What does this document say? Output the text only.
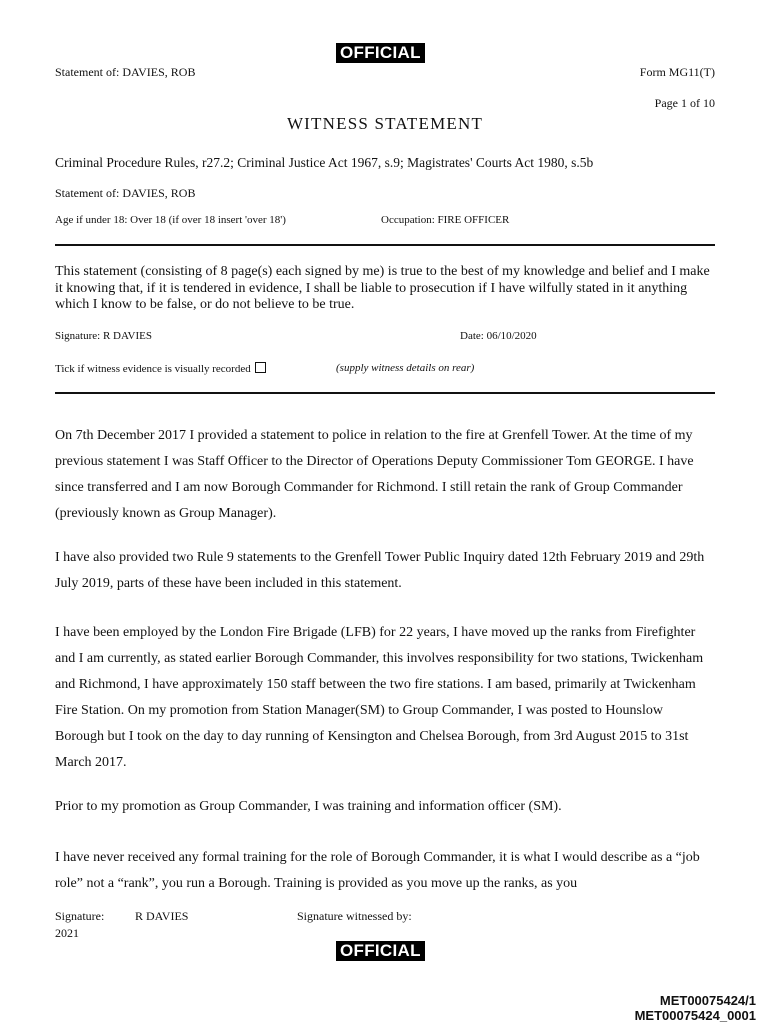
OFFICIAL
Statement of: DAVIES, ROB	Form MG11(T)
Page 1 of 10
WITNESS STATEMENT
Criminal Procedure Rules, r27.2; Criminal Justice Act 1967, s.9; Magistrates' Courts Act 1980, s.5b
Statement of: DAVIES, ROB
Age if under 18: Over 18 (if over 18 insert 'over 18')	Occupation: FIRE OFFICER
This statement (consisting of 8 page(s) each signed by me) is true to the best of my knowledge and belief and I make it knowing that, if it is tendered in evidence, I shall be liable to prosecution if I have wilfully stated in it anything which I know to be false, or do not believe to be true.
Signature: R DAVIES	Date: 06/10/2020
Tick if witness evidence is visually recorded	(supply witness details on rear)
On 7th December 2017 I provided a statement to police in relation to the fire at Grenfell Tower. At the time of my previous statement I was Staff Officer to the Director of Operations Deputy Commissioner Tom GEORGE. I have since transferred and I am now Borough Commander for Richmond. I still retain the rank of Group Commander (previously known as Group Manager).
I have also provided two Rule 9 statements to the Grenfell Tower Public Inquiry dated 12th February 2019 and 29th July 2019, parts of these have been included in this statement.
I have been employed by the London Fire Brigade (LFB) for 22 years, I have moved up the ranks from Firefighter and I am currently, as stated earlier Borough Commander, this involves responsibility for two stations, Twickenham and Richmond, I have approximately 150 staff between the two fire stations. I am based, primarily at Twickenham Fire Station. On my promotion from Station Manager(SM) to Group Commander, I was posted to Hounslow Borough but I took on the day to day running of Kensington and Chelsea Borough, from 3rd August 2015 to 31st March 2017.
Prior to my promotion as Group Commander, I was training and information officer (SM).
I have never received any formal training for the role of Borough Commander, it is what I would describe as a “job role” not a “rank”, you run a Borough. Training is provided as you move up the ranks, as you
Signature:	R DAVIES
2021
Signature witnessed by:
OFFICIAL
MET00075424/1
MET00075424_0001
